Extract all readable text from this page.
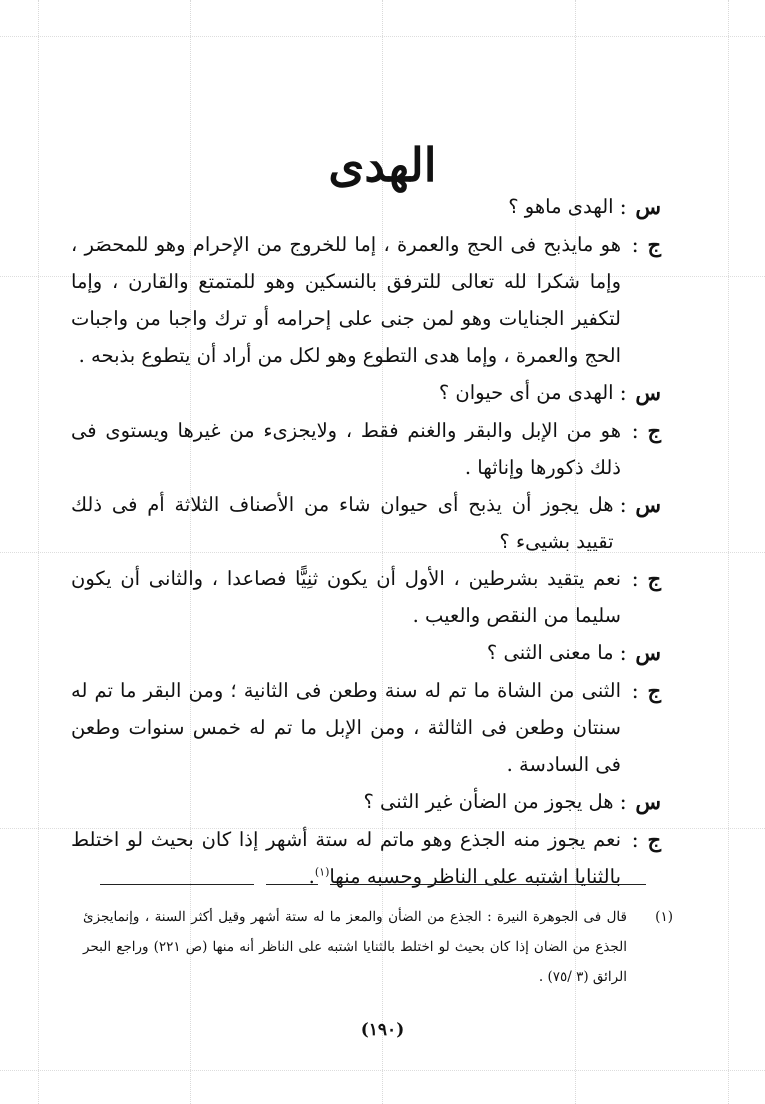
الهدى
س :
الهدى ماهو ؟
ج :
هو مايذبح فى الحج والعمرة ، إما للخروج من الإحرام وهو للمحصَر ، وإما شكرا لله تعالى للترفق بالنسكين وهو للمتمتع والقارن ، وإما لتكفير الجنايات وهو لمن جنى على إحرامه أو ترك واجبا من واجبات الحج والعمرة ، وإما هدى التطوع وهو لكل من أراد أن يتطوع بذبحه .
س :
الهدى من أى حيوان ؟
ج :
هو من الإبل والبقر والغنم فقط ، ولايجزىء من غيرها ويستوى فى ذلك ذكورها وإناثها .
س :
هل يجوز أن يذبح أى حيوان شاء من الأصناف الثلاثة أم فى ذلك تقييد بشيىء ؟
ج :
نعم يتقيد بشرطين ، الأول أن يكون ثنِيًّا فصاعدا ، والثانى أن يكون سليما من النقص والعيب .
س :
ما معنى الثنى ؟
ج :
الثنى من الشاة ما تم له سنة وطعن فى الثانية ؛ ومن البقر ما تم له سنتان وطعن فى الثالثة ، ومن الإبل ما تم له خمس سنوات وطعن فى السادسة .
س :
هل يجوز من الضأن غير الثنى ؟
ج :
نعم يجوز منه الجذع وهو ماتم له ستة أشهر إذا كان بحيث لو اختلط بالثنايا اشتبه على الناظر وحسبه منها$^{(١)}$.
(١)
قال فى الجوهرة النيرة : الجذع من الضأن والمعز ما له ستة أشهر وقيل أكثر السنة ، وإنمايجزئ الجذع من الضان إذا كان بحيث لو اختلط بالثنايا اشتبه على الناظر أنه منها (ص ٢٢١) وراجع البحر الرائق (٣ /٧٥) .
(١٩٠)
